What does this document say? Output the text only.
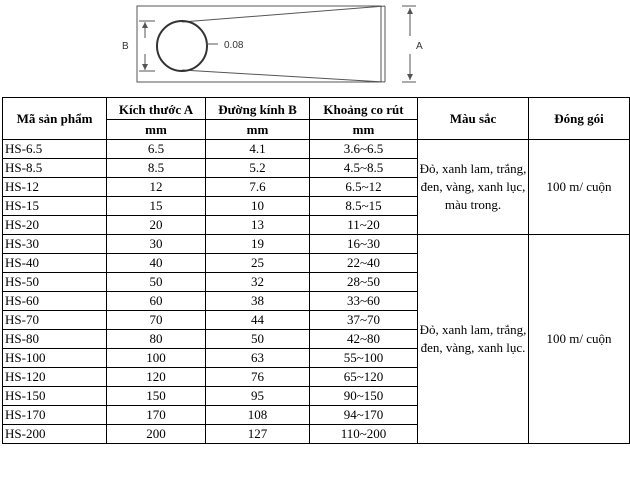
B	0.08	A
Mã sản phẩm	Kích thước A	Đường kính B	Khoảng co rút	Màu sắc	Đóng gói
	mm	mm	mm		
HS-6.5	6.5	4.1	3.6~6.5	Đỏ, xanh lam, trắng, đen, vàng, xanh lục, màu trong.	100 m/ cuộn
HS-8.5	8.5	5.2	4.5~8.5		
HS-12	12	7.6	6.5~12		
HS-15	15	10	8.5~15		
HS-20	20	13	11~20		
HS-30	30	19	16~30	Đỏ, xanh lam, trắng, đen, vàng, xanh lục.	100 m/ cuộn
HS-40	40	25	22~40		
HS-50	50	32	28~50		
HS-60	60	38	33~60		
HS-70	70	44	37~70		
HS-80	80	50	42~80		
HS-100	100	63	55~100		
HS-120	120	76	65~120		
HS-150	150	95	90~150		
HS-170	170	108	94~170		
HS-200	200	127	110~200		
